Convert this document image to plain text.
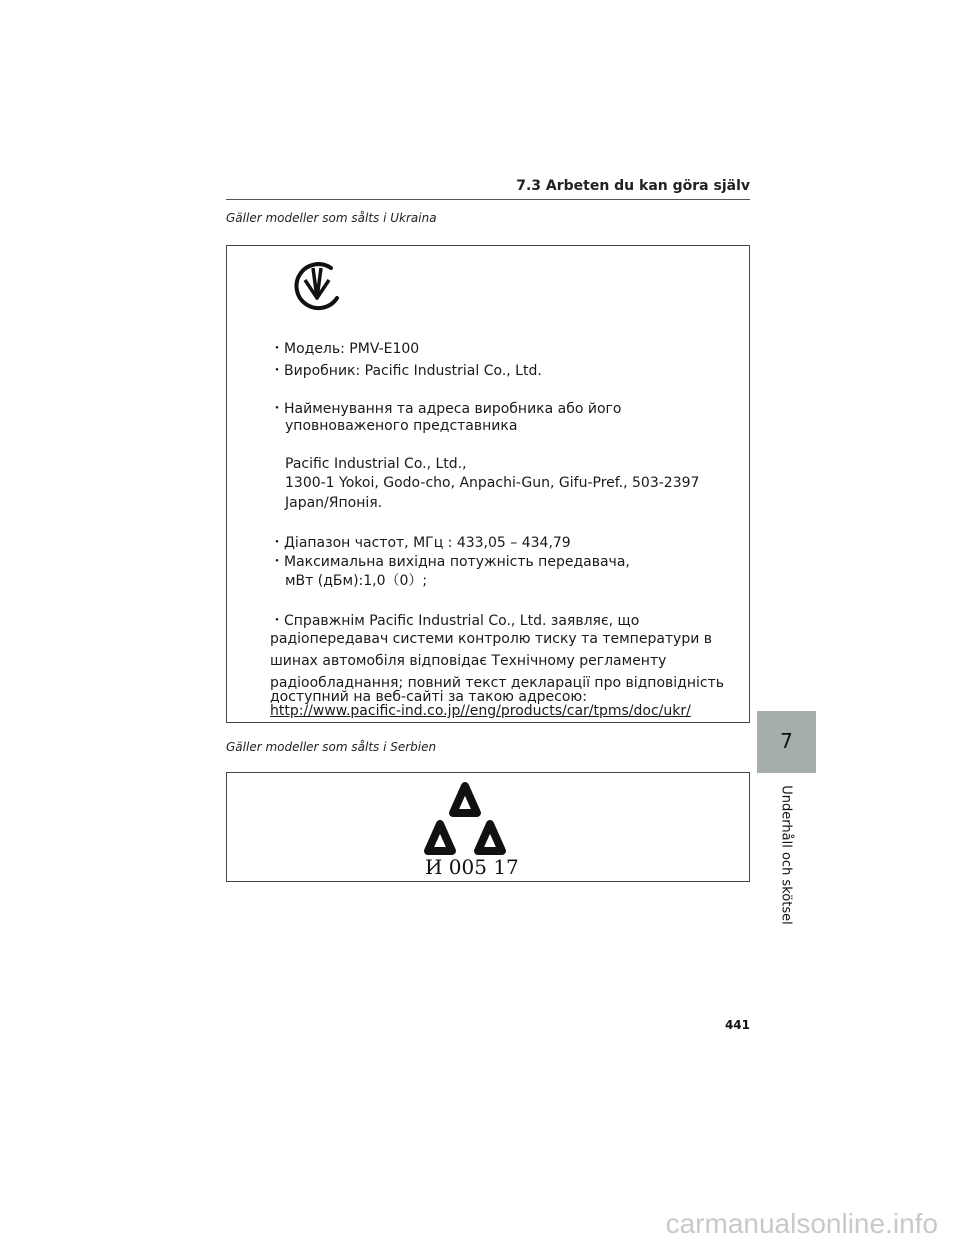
7.3 Arbeten du kan göra själv
Gäller modeller som sålts i Ukraina
・Модель: PMV-E100
・Виробник: Pacific Industrial Co., Ltd.
・Найменування та адреса виробника або його
уповноваженого представника
Pacific Industrial Co., Ltd.,
1300-1 Yokoi, Godo-cho, Anpachi-Gun, Gifu-Pref., 503-2397
Japan/Японія.
・Діапазон частот, МГц : 433,05 – 434,79
・Максимальна вихідна потужність передавача,
мВт (дБм):1,0（0）;
・Справжнім Pacific Industrial Co., Ltd. заявляє, що
радіопередавач системи контролю тиску та температури в
шинах автомобіля відповідає Технічному регламенту
радіообладнання; повний текст декларації про відповідність
доступний на веб-сайті за такою адресою:
http://www.pacific-ind.co.jp//eng/products/car/tpms/doc/ukr/
Gäller modeller som sålts i Serbien
И 005 17
7
Underhåll och skötsel
441
carmanualsonline.info
